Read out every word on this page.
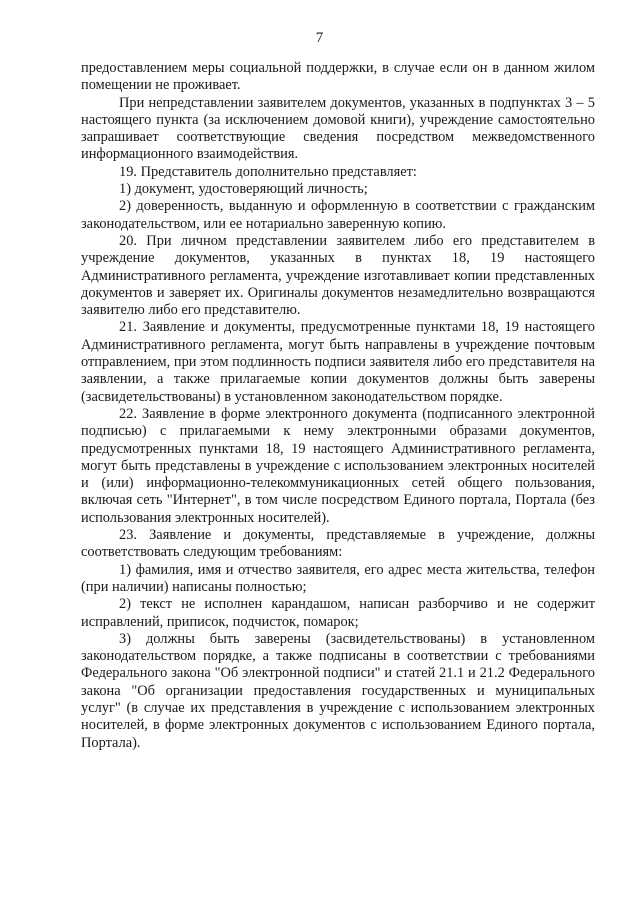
7

предоставлением меры социальной поддержки, в случае если он в данном жилом помещении не проживает.

При непредставлении заявителем документов, указанных в подпунктах 3 – 5 настоящего пункта (за исключением домовой книги), учреждение самостоятельно запрашивает соответствующие сведения посредством межведомственного информационного взаимодействия.

19. Представитель дополнительно представляет:

1) документ, удостоверяющий личность;

2) доверенность, выданную и оформленную в соответствии с гражданским законодательством, или ее нотариально заверенную копию.

20. При личном представлении заявителем либо его представителем в учреждение документов, указанных в пунктах 18, 19 настоящего Административного регламента, учреждение изготавливает копии представленных документов и заверяет их. Оригиналы документов незамедлительно возвращаются заявителю либо его представителю.

21. Заявление и документы, предусмотренные пунктами 18, 19 настоящего Административного регламента, могут быть направлены в учреждение почтовым отправлением, при этом подлинность подписи заявителя либо его представителя на заявлении, а также прилагаемые копии документов должны быть заверены (засвидетельствованы) в установленном законодательством порядке.

22. Заявление в форме электронного документа (подписанного электронной подписью) с прилагаемыми к нему электронными образами документов, предусмотренных пунктами 18, 19 настоящего Административного регламента, могут быть представлены в учреждение с использованием электронных носителей и (или) информационно-телекоммуникационных сетей общего пользования, включая сеть "Интернет", в том числе посредством Единого портала, Портала (без использования электронных носителей).

23. Заявление и документы, представляемые в учреждение, должны соответствовать следующим требованиям:

1) фамилия, имя и отчество заявителя, его адрес места жительства, телефон (при наличии) написаны полностью;

2) текст не исполнен карандашом, написан разборчиво и не содержит исправлений, приписок, подчисток, помарок;

3) должны быть заверены (засвидетельствованы) в установленном законодательством порядке, а также подписаны в соответствии с требованиями Федерального закона "Об электронной подписи" и статей 21.1 и 21.2 Федерального закона "Об организации предоставления государственных и муниципальных услуг" (в случае их представления в учреждение с использованием электронных носителей, в форме электронных документов с использованием Единого портала, Портала).
